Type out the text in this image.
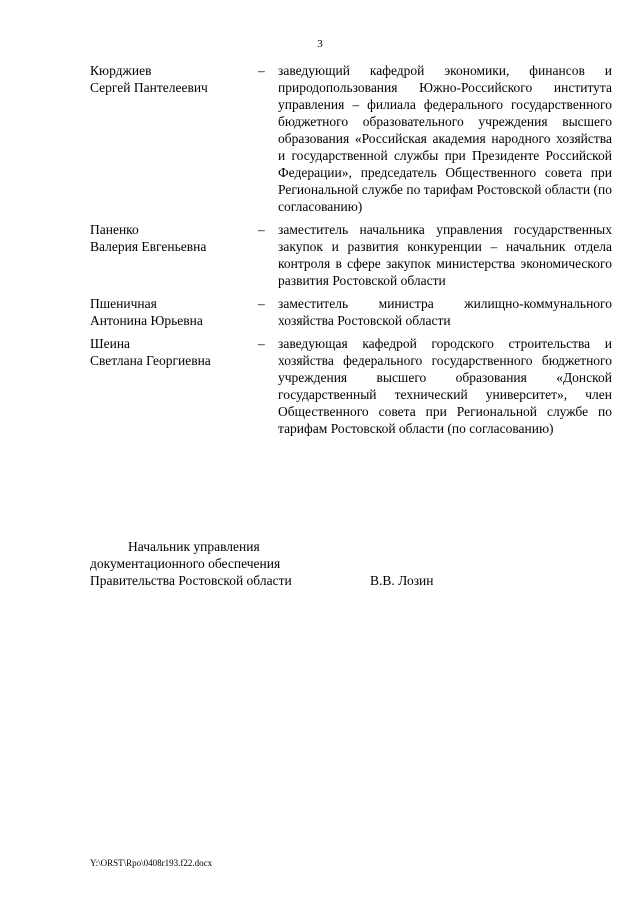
3
Кюрджиев
Сергей Пантелеевич
– заведующий кафедрой экономики, финансов и природопользования Южно-Российского института управления – филиала федерального государственного бюджетного образовательного учреждения высшего образования «Российская академия народного хозяйства и государственной службы при Президенте Российской Федерации», председатель Общественного совета при Региональной службе по тарифам Ростовской области (по согласованию)
Паненко
Валерия Евгеньевна
– заместитель начальника управления государственных закупок и развития конкуренции – начальник отдела контроля в сфере закупок министерства экономического развития Ростовской области
Пшеничная
Антонина Юрьевна
– заместитель министра жилищно-коммунального хозяйства Ростовской области
Шеина
Светлана Георгиевна
– заведующая кафедрой городского строительства и хозяйства федерального государственного бюджетного учреждения высшего образования «Донской государственный технический университет», член Общественного совета при Региональной службе по тарифам Ростовской области (по согласованию)
Начальник управления
документационного обеспечения
Правительства Ростовской области	В.В. Лозин
Y:\ORST\Rpo\0408r193.f22.docx
